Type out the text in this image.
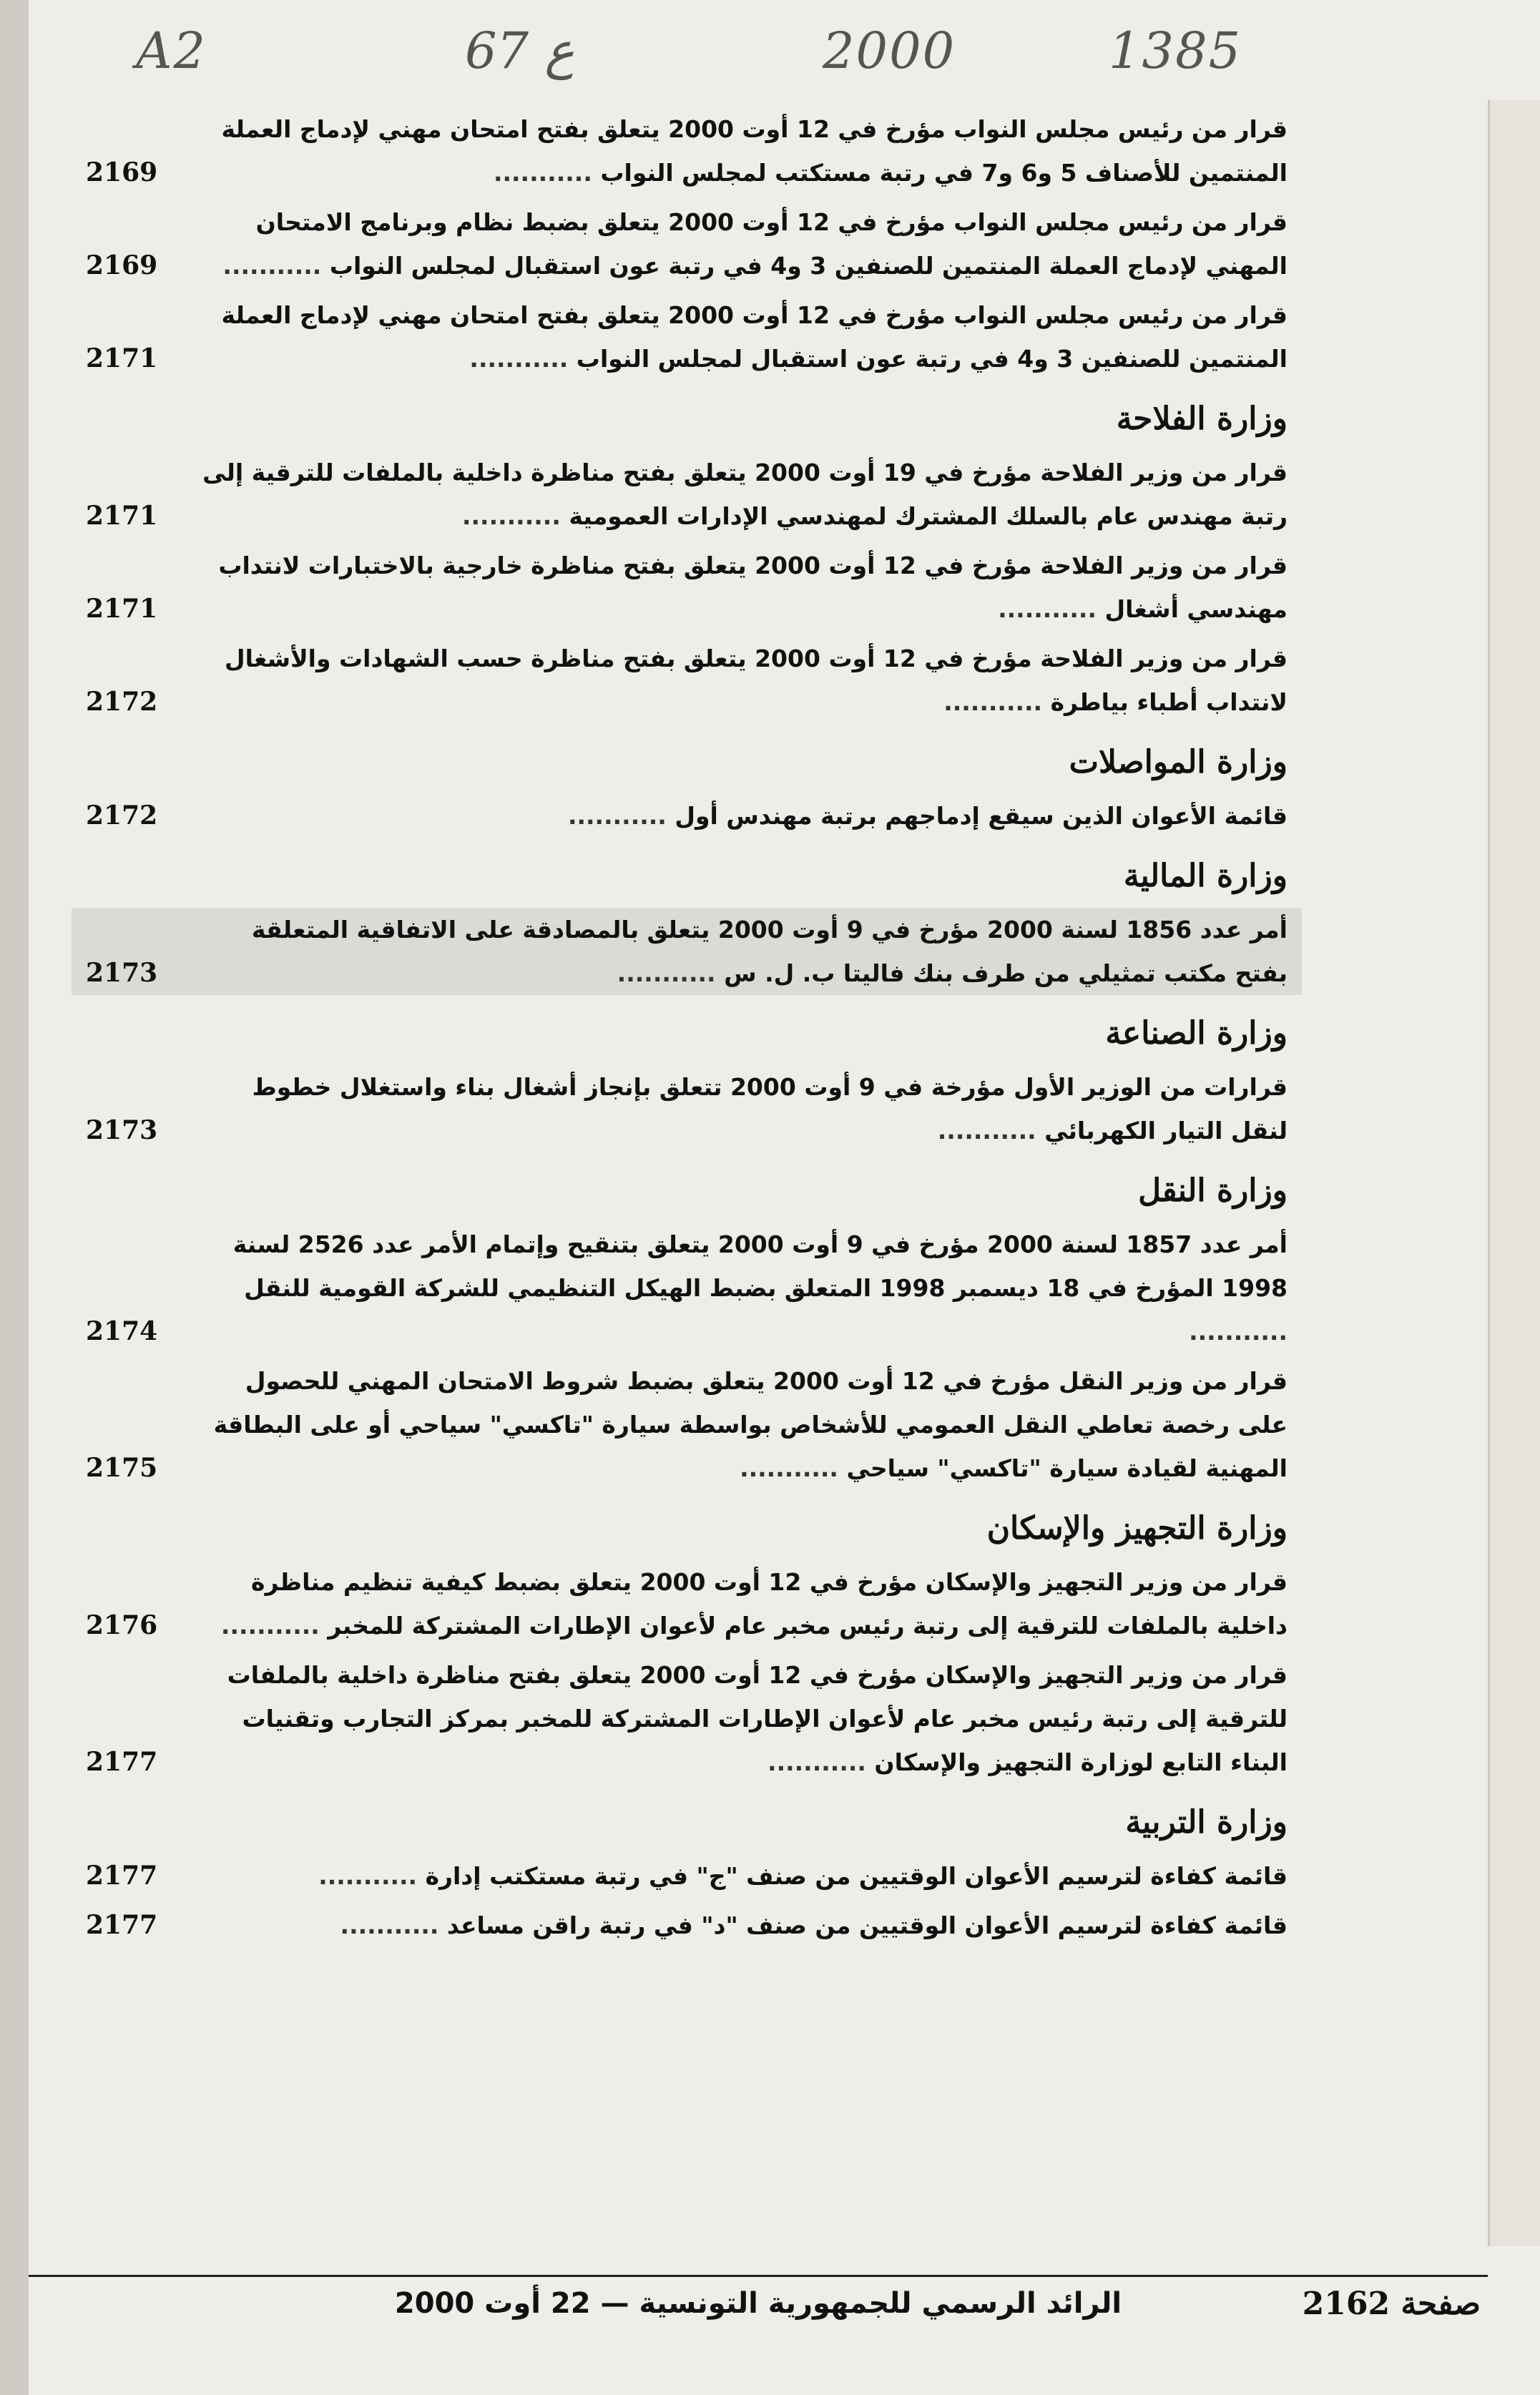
A2	67 ع	2000	1385
قرار من رئيس مجلس النواب مؤرخ في 12 أوت 2000 يتعلق بفتح امتحان مهني لإدماج العملة المنتمين للأصناف 5 و6 و7 في رتبة مستكتب لمجلس النواب ...........
2169
قرار من رئيس مجلس النواب مؤرخ في 12 أوت 2000 يتعلق بضبط نظام وبرنامج الامتحان المهني لإدماج العملة المنتمين للصنفين 3 و4 في رتبة عون استقبال لمجلس النواب ...........
2169
قرار من رئيس مجلس النواب مؤرخ في 12 أوت 2000 يتعلق بفتح امتحان مهني لإدماج العملة المنتمين للصنفين 3 و4 في رتبة عون استقبال لمجلس النواب ...........
2171
وزارة الفلاحة
قرار من وزير الفلاحة مؤرخ في 19 أوت 2000 يتعلق بفتح مناظرة داخلية بالملفات للترقية إلى رتبة مهندس عام بالسلك المشترك لمهندسي الإدارات العمومية ...........
2171
قرار من وزير الفلاحة مؤرخ في 12 أوت 2000 يتعلق بفتح مناظرة خارجية بالاختبارات لانتداب مهندسي أشغال ...........
2171
قرار من وزير الفلاحة مؤرخ في 12 أوت 2000 يتعلق بفتح مناظرة حسب الشهادات والأشغال لانتداب أطباء بياطرة ...........
2172
وزارة المواصلات
قائمة الأعوان الذين سيقع إدماجهم برتبة مهندس أول ...........
2172
وزارة المالية
أمر عدد 1856 لسنة 2000 مؤرخ في 9 أوت 2000 يتعلق بالمصادقة على الاتفاقية المتعلقة بفتح مكتب تمثيلي من طرف بنك فاليتا ب. ل. س ...........
2173
وزارة الصناعة
قرارات من الوزير الأول مؤرخة في 9 أوت 2000 تتعلق بإنجاز أشغال بناء واستغلال خطوط لنقل التيار الكهربائي ...........
2173
وزارة النقل
أمر عدد 1857 لسنة 2000 مؤرخ في 9 أوت 2000 يتعلق بتنقيح وإتمام الأمر عدد 2526 لسنة 1998 المؤرخ في 18 ديسمبر 1998 المتعلق بضبط الهيكل التنظيمي للشركة القومية للنقل ...........
2174
قرار من وزير النقل مؤرخ في 12 أوت 2000 يتعلق بضبط شروط الامتحان المهني للحصول على رخصة تعاطي النقل العمومي للأشخاص بواسطة سيارة "تاكسي" سياحي أو على البطاقة المهنية لقيادة سيارة "تاكسي" سياحي ...........
2175
وزارة التجهيز والإسكان
قرار من وزير التجهيز والإسكان مؤرخ في 12 أوت 2000 يتعلق بضبط كيفية تنظيم مناظرة داخلية بالملفات للترقية إلى رتبة رئيس مخبر عام لأعوان الإطارات المشتركة للمخبر ...........
2176
قرار من وزير التجهيز والإسكان مؤرخ في 12 أوت 2000 يتعلق بفتح مناظرة داخلية بالملفات للترقية إلى رتبة رئيس مخبر عام لأعوان الإطارات المشتركة للمخبر بمركز التجارب وتقنيات البناء التابع لوزارة التجهيز والإسكان ...........
2177
وزارة التربية
قائمة كفاءة لترسيم الأعوان الوقتيين من صنف "ج" في رتبة مستكتب إدارة ...........
2177
قائمة كفاءة لترسيم الأعوان الوقتيين من صنف "د" في رتبة راقن مساعد ...........
2177
صفحة 2162
الرائد الرسمي للجمهورية التونسية — 22 أوت 2000
